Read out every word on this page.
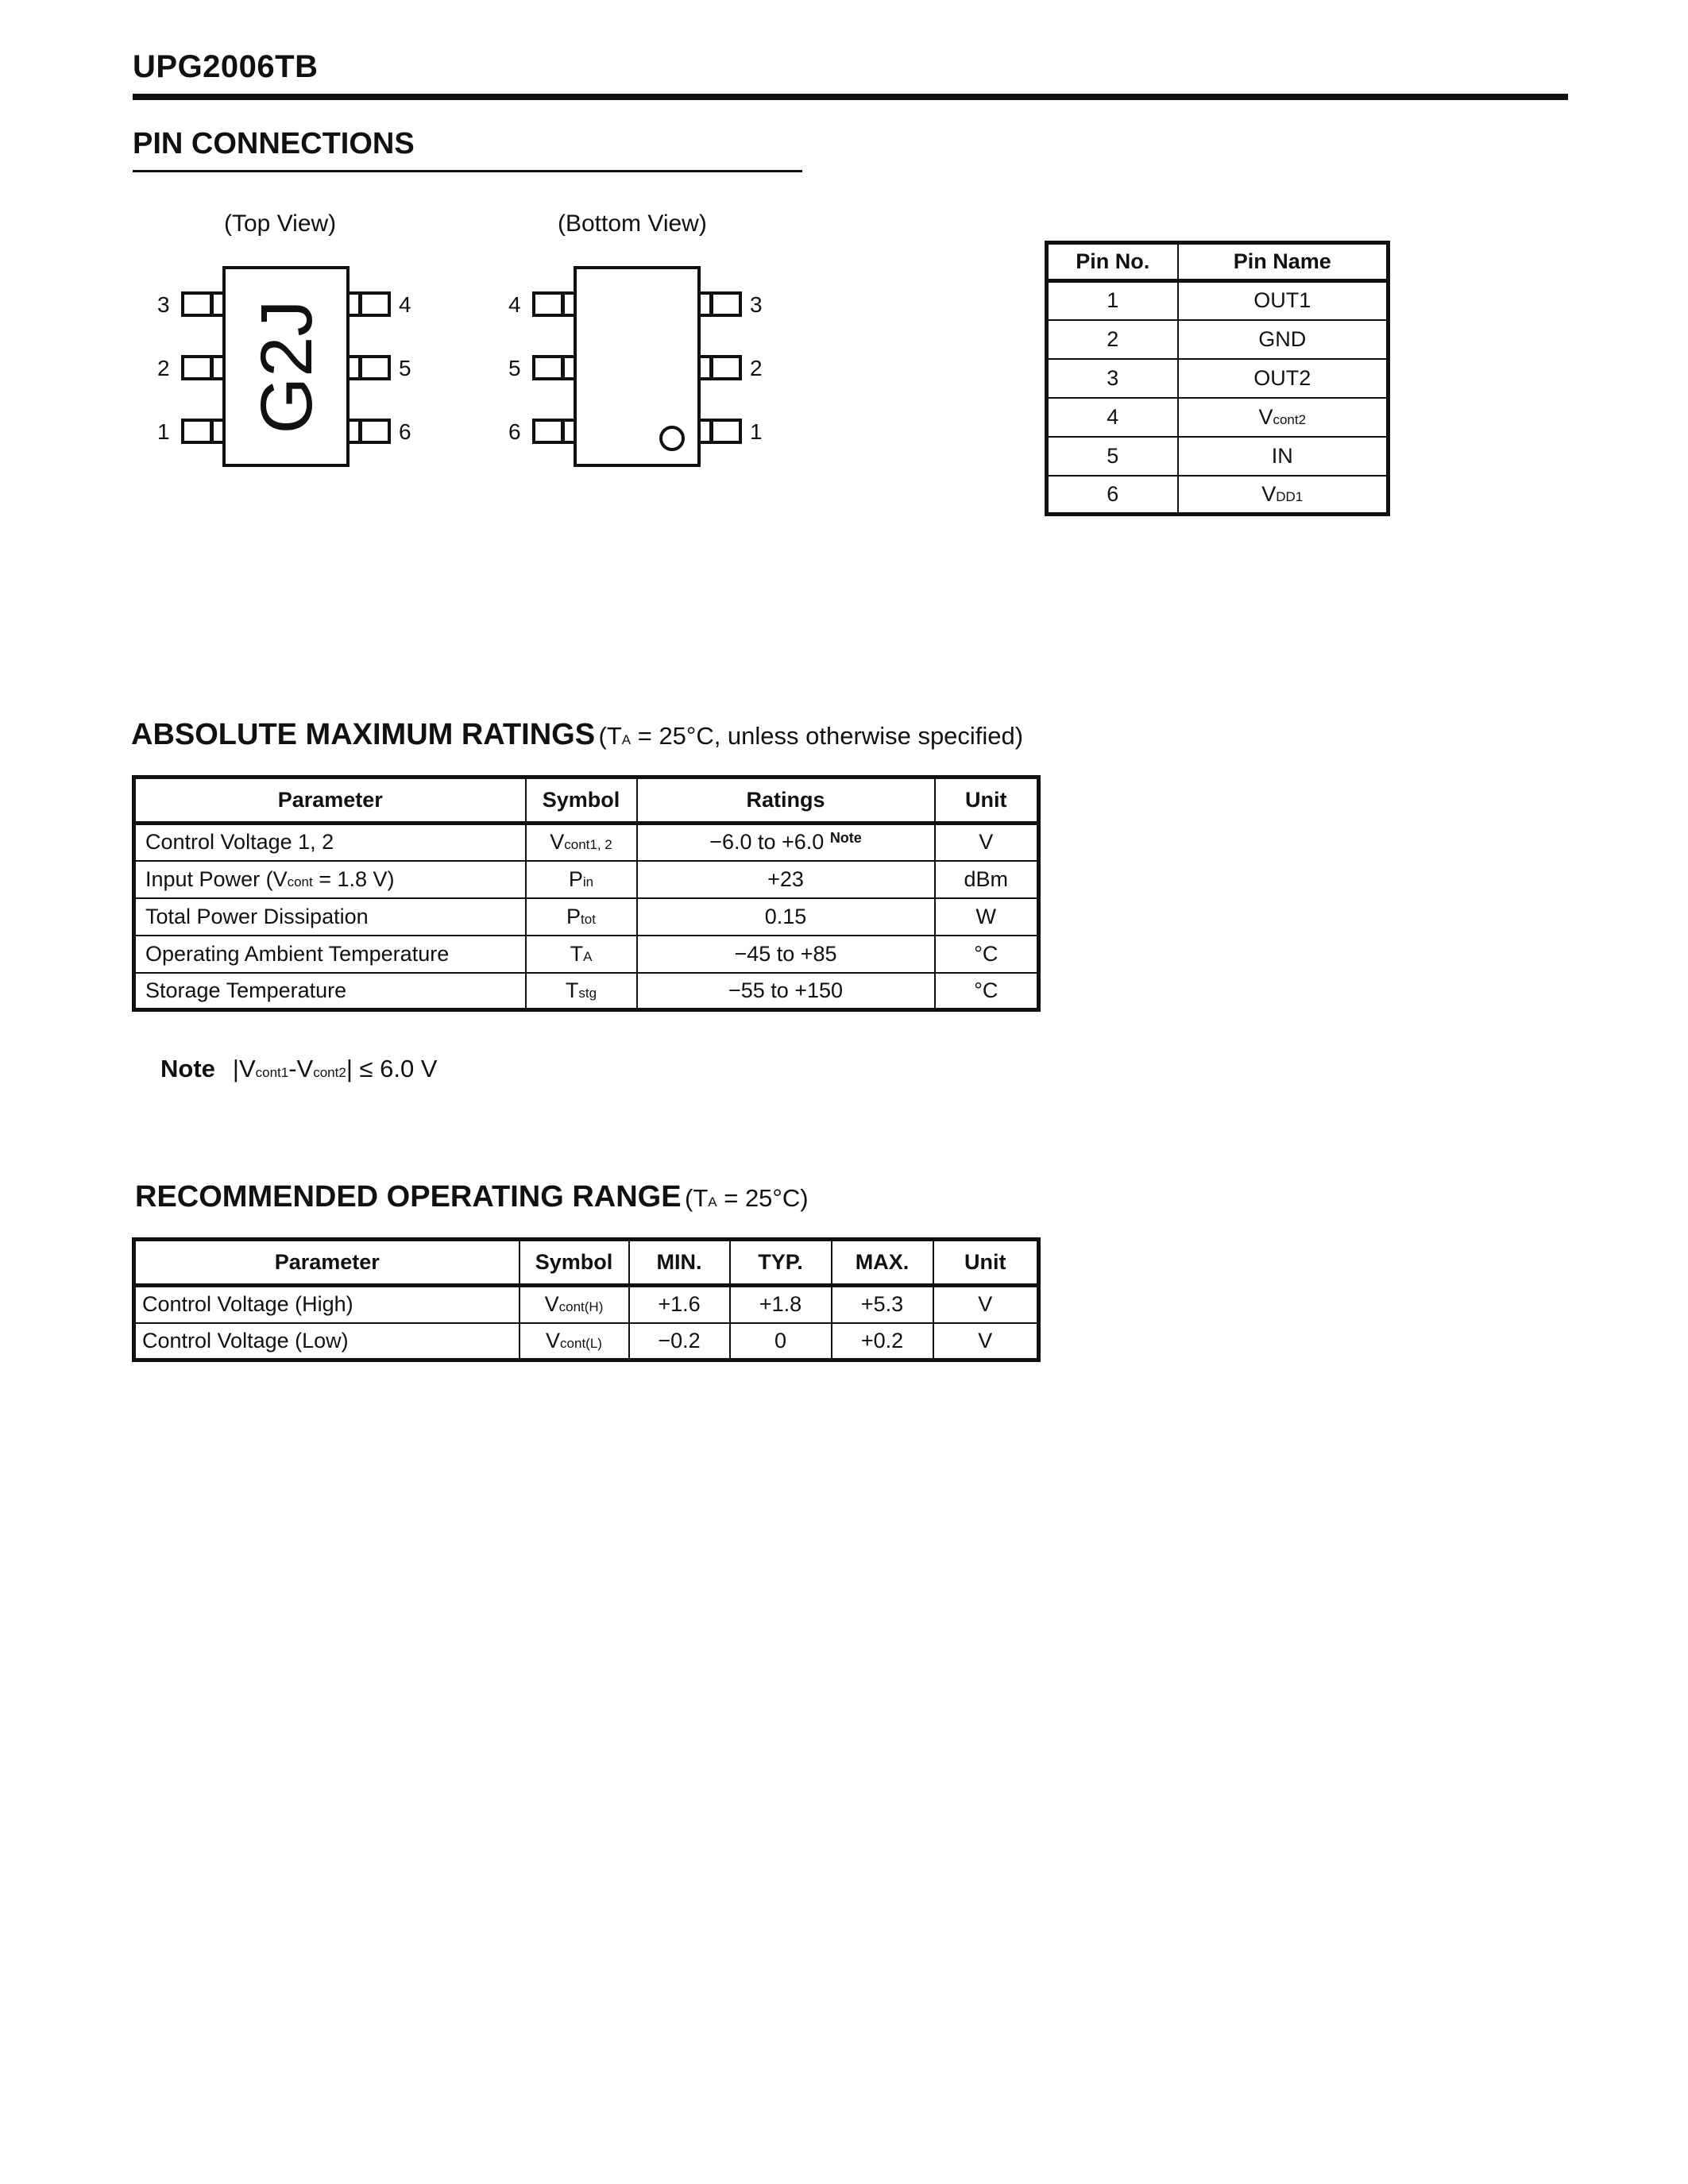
UPG2006TB
PIN CONNECTIONS
(Top View)	(Bottom View)
G2J
3
2
1
4
5
6
4
5
6
3
2
1
Pin No.	Pin Name
1	OUT1
2	GND
3	OUT2
4	Vcont2
5	IN
6	VDD1
ABSOLUTE MAXIMUM RATINGS (TA = 25°C, unless otherwise specified)
Parameter	Symbol	Ratings	Unit
Control Voltage 1, 2	Vcont1, 2	−6.0 to +6.0 $^{Note}$	V
Input Power (Vcont = 1.8 V)	Pin	+23	dBm
Total Power Dissipation	Ptot	0.15	W
Operating Ambient Temperature	TA	−45 to +85	°C
Storage Temperature	Tstg	−55 to +150	°C
Note |Vcont1-Vcont2| ≤ 6.0 V
RECOMMENDED OPERATING RANGE (TA = 25°C)
Parameter	Symbol	MIN.	TYP.	MAX.	Unit
Control Voltage (High)	Vcont(H)	+1.6	+1.8	+5.3	V
Control Voltage (Low)	Vcont(L)	−0.2	0	+0.2	V
